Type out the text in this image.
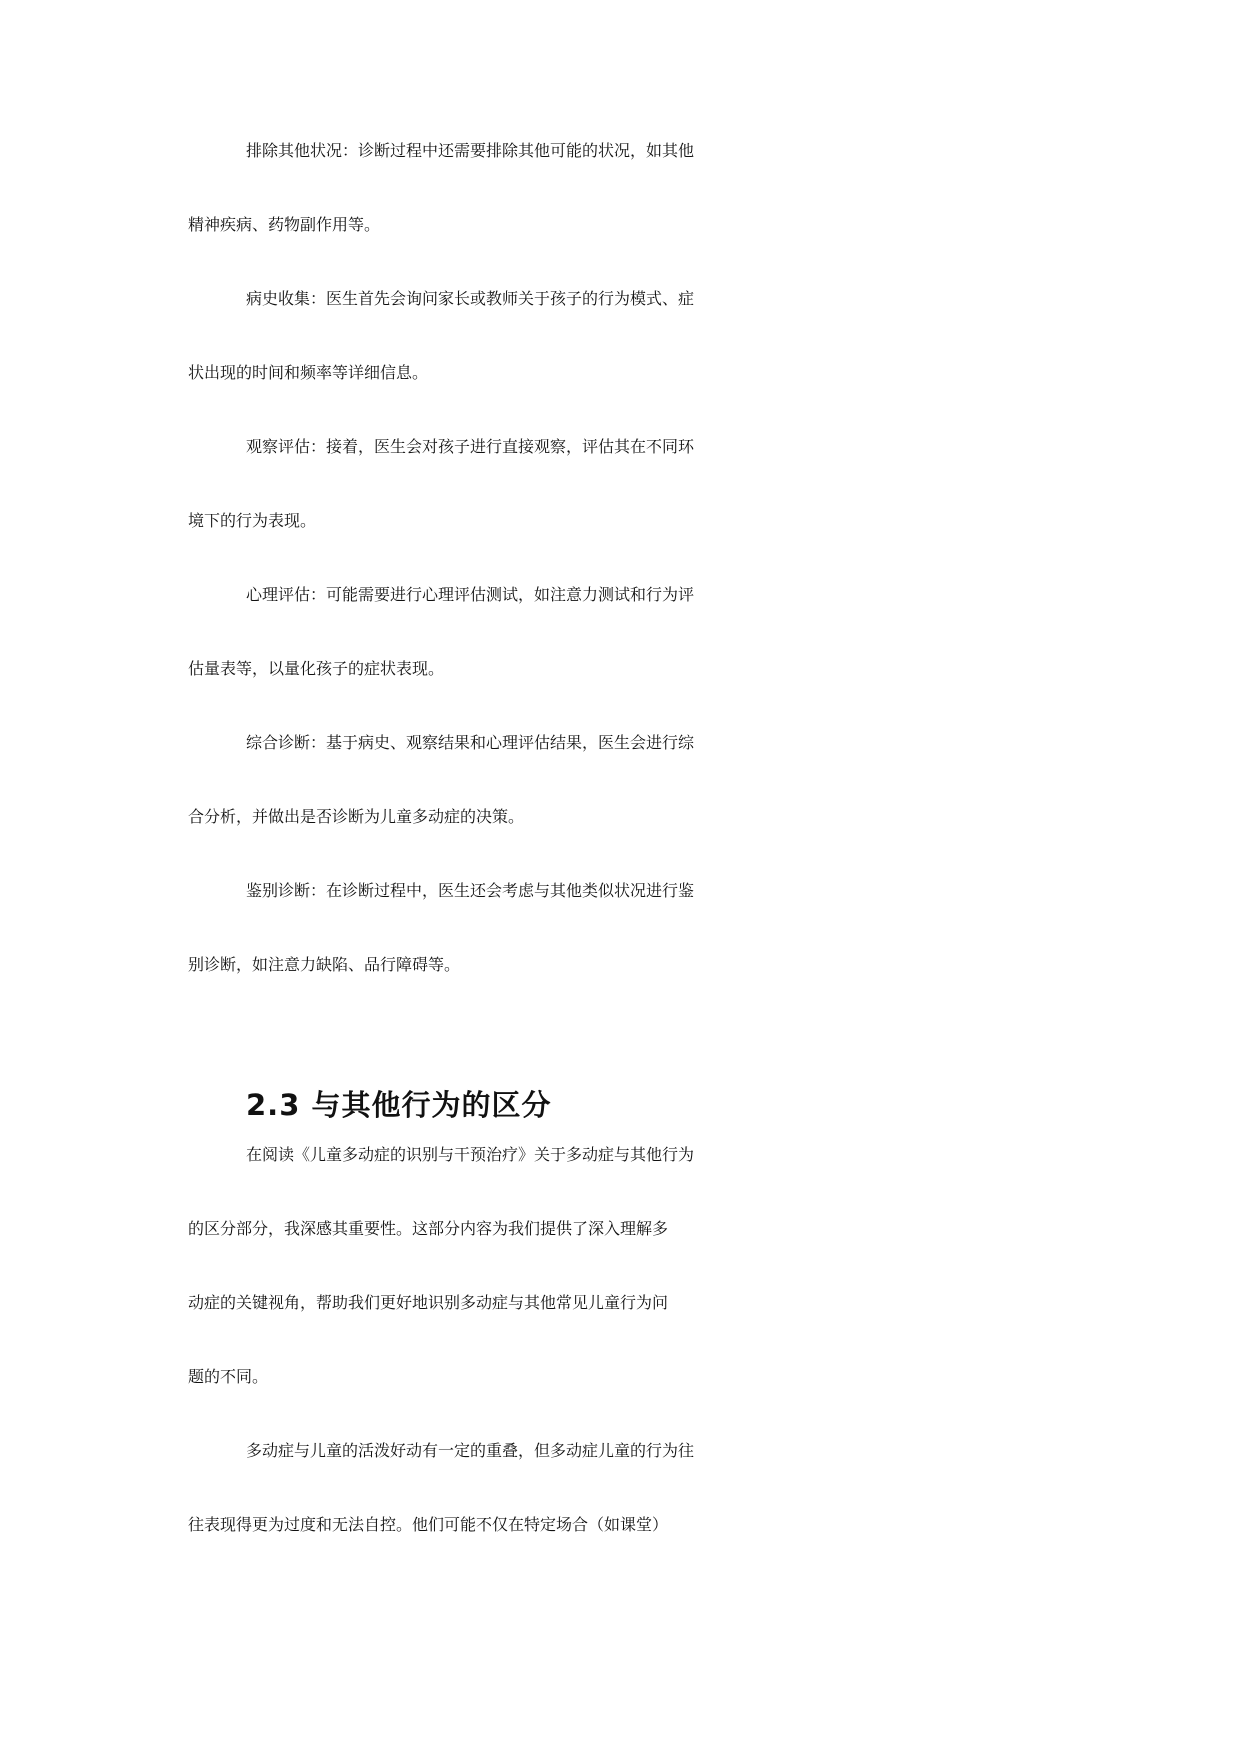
排除其他状况：诊断过程中还需要排除其他可能的状况，如其他
精神疾病、药物副作用等。
病史收集：医生首先会询问家长或教师关于孩子的行为模式、症
状出现的时间和频率等详细信息。
观察评估：接着，医生会对孩子进行直接观察，评估其在不同环
境下的行为表现。
心理评估：可能需要进行心理评估测试，如注意力测试和行为评
估量表等，以量化孩子的症状表现。
综合诊断：基于病史、观察结果和心理评估结果，医生会进行综
合分析，并做出是否诊断为儿童多动症的决策。
鉴别诊断：在诊断过程中，医生还会考虑与其他类似状况进行鉴
别诊断，如注意力缺陷、品行障碍等。
2.3 与其他行为的区分
在阅读《儿童多动症的识别与干预治疗》关于多动症与其他行为
的区分部分，我深感其重要性。这部分内容为我们提供了深入理解多
动症的关键视角，帮助我们更好地识别多动症与其他常见儿童行为问
题的不同。
多动症与儿童的活泼好动有一定的重叠，但多动症儿童的行为往
往表现得更为过度和无法自控。他们可能不仅在特定场合（如课堂）
